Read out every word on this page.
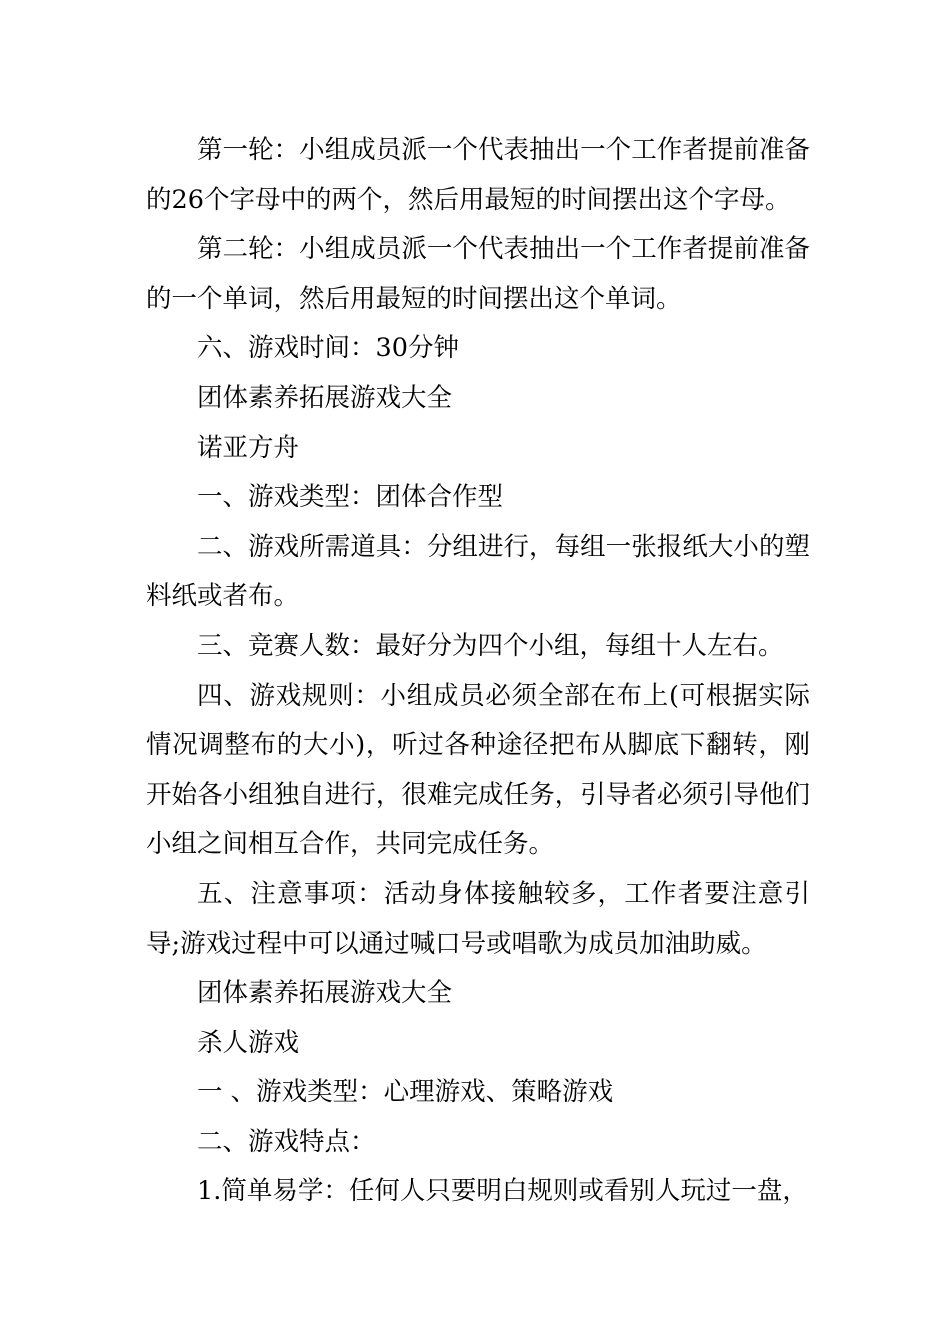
第一轮：小组成员派一个代表抽出一个工作者提前准备的26个字母中的两个，然后用最短的时间摆出这个字母。

第二轮：小组成员派一个代表抽出一个工作者提前准备的一个单词，然后用最短的时间摆出这个单词。

六、游戏时间：30分钟

团体素养拓展游戏大全

诺亚方舟

一、游戏类型：团体合作型

二、游戏所需道具：分组进行，每组一张报纸大小的塑料纸或者布。

三、竞赛人数：最好分为四个小组，每组十人左右。

四、游戏规则：小组成员必须全部在布上(可根据实际情况调整布的大小)，听过各种途径把布从脚底下翻转，刚开始各小组独自进行，很难完成任务，引导者必须引导他们小组之间相互合作，共同完成任务。

五、注意事项：活动身体接触较多，工作者要注意引导;游戏过程中可以通过喊口号或唱歌为成员加油助威。

团体素养拓展游戏大全

杀人游戏

一 、游戏类型：心理游戏、策略游戏

二、游戏特点：

1.简单易学：任何人只要明白规则或看别人玩过一盘，
